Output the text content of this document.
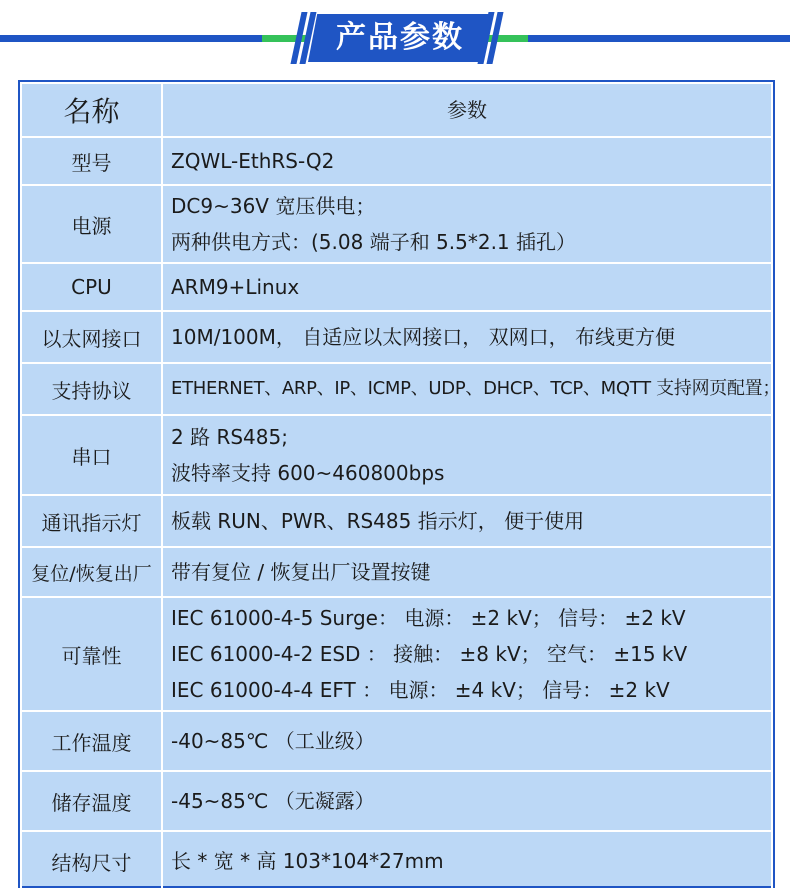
产品参数
名称	参数
型号	ZQWL-EthRS-Q2

电源	DC9~36V 宽压供电；
两种供电方式：(5.08 端子和 5.5*2.1 插孔）

CPU	ARM9+Linux

以太网接口	10M/100M， 自适应以太网接口， 双网口， 布线更方便

支持协议	ETHERNET、ARP、IP、ICMP、UDP、DHCP、TCP、MQTT 支持网页配置；

串口	2 路 RS485;
波特率支持 600~460800bps

通讯指示灯	板载 RUN、PWR、RS485 指示灯， 便于使用

复位/恢复出厂	带有复位 / 恢复出厂设置按键

可靠性	IEC 61000-4-5 Surge： 电源： ±2 kV； 信号： ±2 kV
IEC 61000-4-2 ESD ： 接触： ±8 kV； 空气： ±15 kV
IEC 61000-4-4 EFT ： 电源： ±4 kV； 信号： ±2 kV

工作温度	-40~85℃ （工业级）

储存温度	-45~85℃ （无凝露）

结构尺寸	长 * 宽 * 高 103*104*27mm
